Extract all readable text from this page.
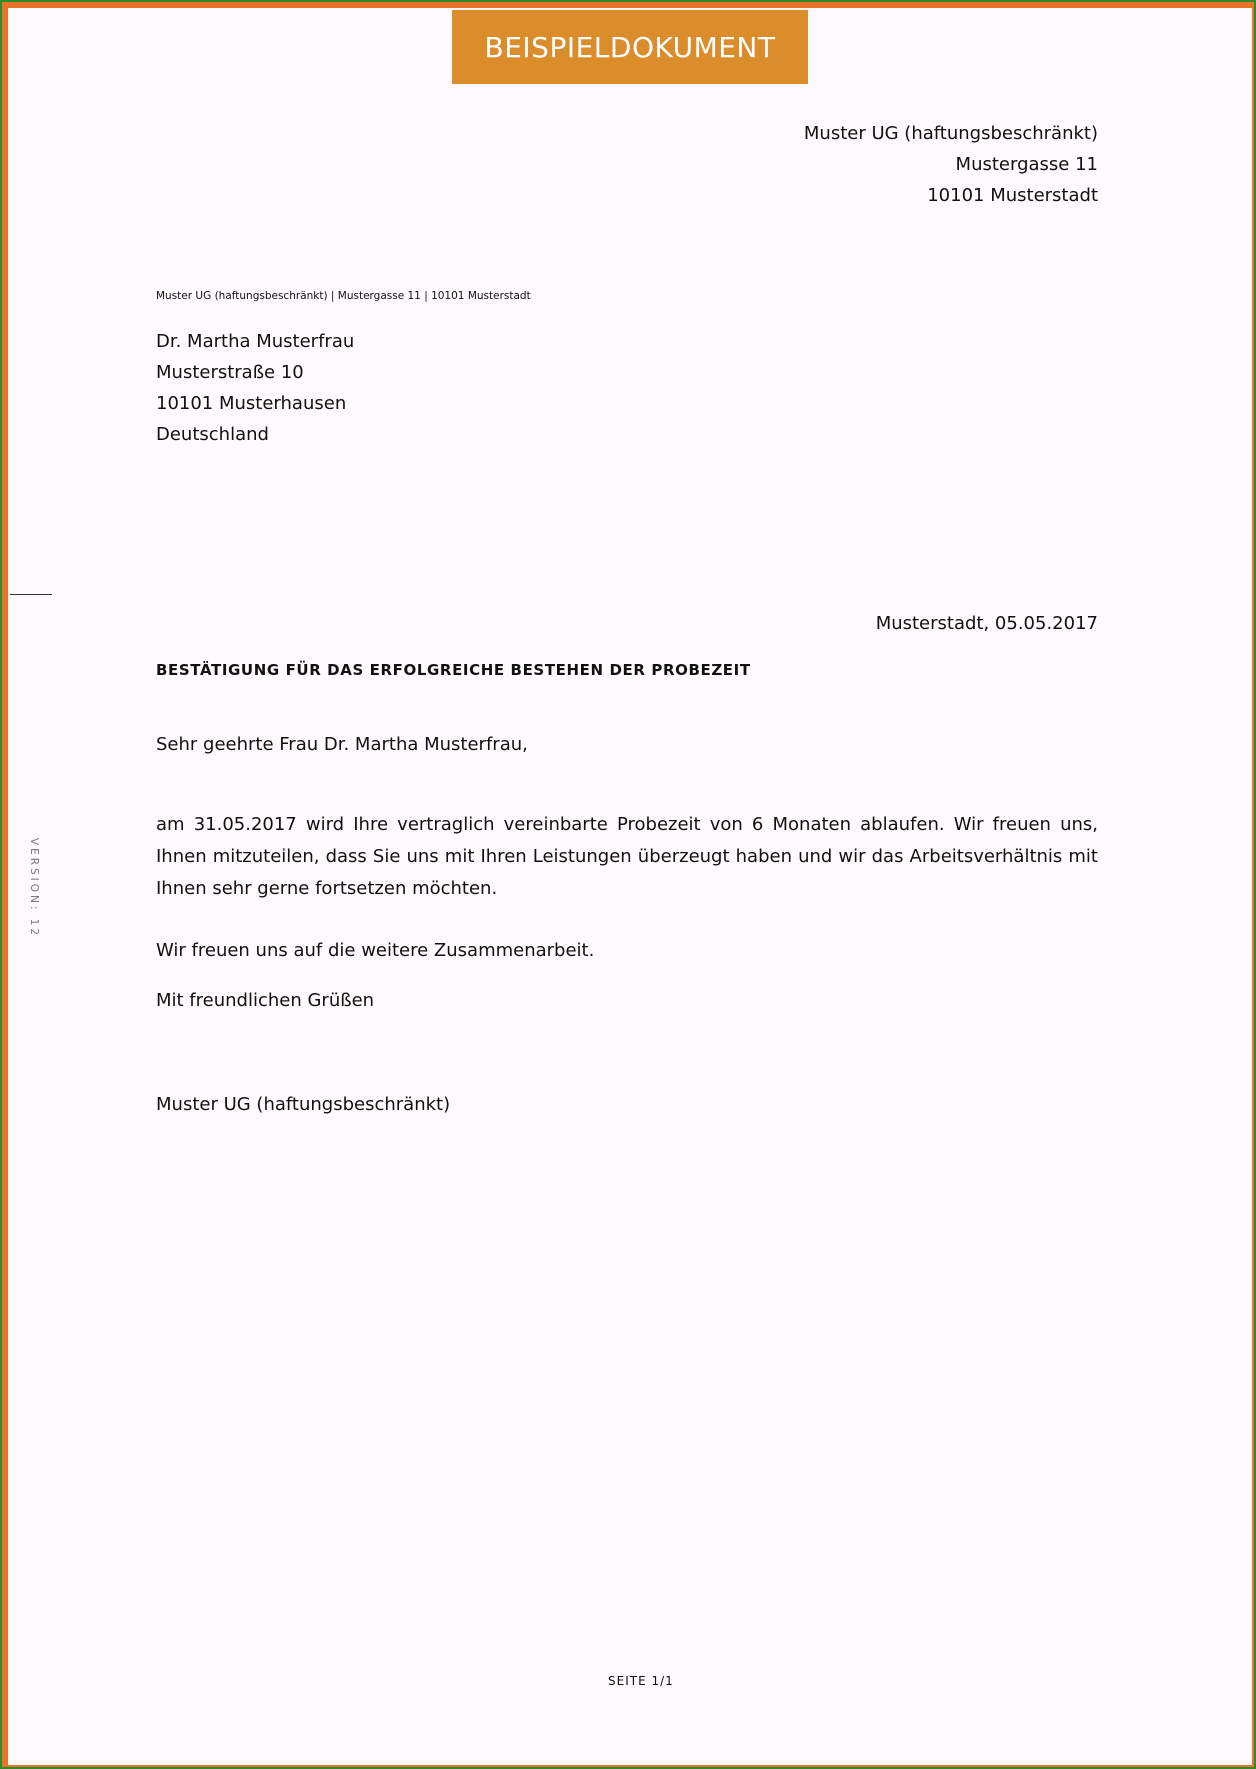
BEISPIELDOKUMENT
Muster UG (haftungsbeschränkt)
Mustergasse 11
10101 Musterstadt
Muster UG (haftungsbeschränkt) | Mustergasse 11 | 10101 Musterstadt
Dr. Martha Musterfrau
Musterstraße 10
10101 Musterhausen
Deutschland
Musterstadt, 05.05.2017
BESTÄTIGUNG FÜR DAS ERFOLGREICHE BESTEHEN DER PROBEZEIT
Sehr geehrte Frau Dr. Martha Musterfrau,
am 31.05.2017 wird Ihre vertraglich vereinbarte Probezeit von 6 Monaten ablaufen. Wir freuen uns, Ihnen mitzuteilen, dass Sie uns mit Ihren Leistungen überzeugt haben und wir das Arbeitsverhältnis mit Ihnen sehr gerne fortsetzen möchten.
Wir freuen uns auf die weitere Zusammenarbeit.
Mit freundlichen Grüßen
Muster UG (haftungsbeschränkt)
VERSION: 12
SEITE 1/1
